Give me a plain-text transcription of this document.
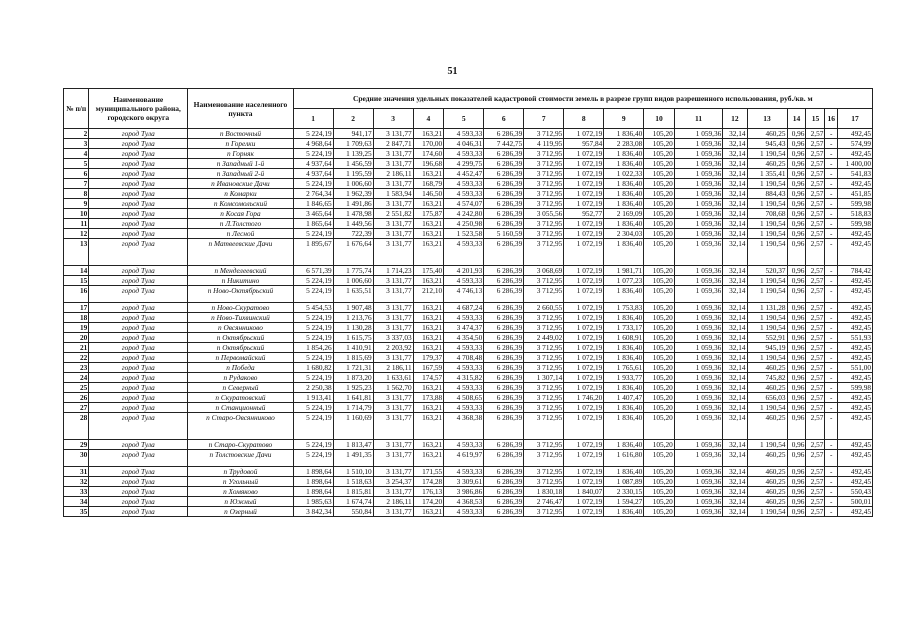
51
№ п/п	Наименование муниципального района, городского округа	Наименование населенного пункта	Средние значения удельных показателей кадастровой стоимости земель в разрезе групп видов разрешенного использования, руб./кв. м																
			1	2	3	4	5	6	7	8	9	10	11	12	13	14	15	16	17
2	город Тула	п Восточный	5 224,19	941,17	3 131,77	163,21	4 593,33	6 286,39	3 712,95	1 072,19	1 836,40	105,20	1 059,36	32,14	460,25	0,96	2,57	-	492,45
3	город Тула	п Горелки	4 968,64	1 709,63	2 847,71	170,00	4 046,31	7 442,75	4 119,95	957,84	2 283,08	105,20	1 059,36	32,14	945,43	0,96	2,57	-	574,99
4	город Тула	п Горняк	5 224,19	1 139,25	3 131,77	174,60	4 593,33	6 286,39	3 712,95	1 072,19	1 836,40	105,20	1 059,36	32,14	1 190,54	0,96	2,57	-	492,45
5	город Тула	п Западный 1-й	4 937,64	1 456,59	3 131,77	196,68	4 299,75	6 286,39	3 712,95	1 072,19	1 836,40	105,20	1 059,36	32,14	460,25	0,96	2,57	-	1 400,00
6	город Тула	п Западный 2-й	4 937,64	1 195,59	2 186,11	163,21	4 452,47	6 286,39	3 712,95	1 072,19	1 022,33	105,20	1 059,36	32,14	1 355,41	0,96	2,57	-	541,83
7	город Тула	п Ивановские Дачи	5 224,19	1 006,60	3 131,77	168,79	4 593,33	6 286,39	3 712,95	1 072,19	1 836,40	105,20	1 059,36	32,14	1 190,54	0,96	2,57	-	492,45
8	город Тула	п Комарки	2 764,34	1 962,39	1 583,94	146,50	4 593,33	6 286,39	3 712,95	1 072,19	1 836,40	105,20	1 059,36	32,14	884,43	0,96	2,57	-	451,85
9	город Тула	п Комсомольский	1 846,65	1 491,86	3 131,77	163,21	4 574,07	6 286,39	3 712,95	1 072,19	1 836,40	105,20	1 059,36	32,14	1 190,54	0,96	2,57	-	599,98
10	город Тула	п Косая Гора	3 465,64	1 478,98	2 551,82	175,87	4 242,80	6 286,39	3 055,56	952,77	2 169,09	105,20	1 059,36	32,14	708,68	0,96	2,57	-	518,83
11	город Тула	п Л.Толстого	1 865,64	1 449,56	3 131,77	163,21	4 250,98	6 286,39	3 712,95	1 072,19	1 836,40	105,20	1 059,36	32,14	1 190,54	0,96	2,57	-	599,98
12	город Тула	п Лесной	5 224,19	722,39	3 131,77	163,21	1 523,58	5 160,59	3 712,95	1 072,19	2 304,03	105,20	1 059,36	32,14	1 190,54	0,96	2,57	-	492,45
13	город Тула	п Матвеевские Дачи	1 895,67	1 676,64	3 131,77	163,21	4 593,33	6 286,39	3 712,95	1 072,19	1 836,40	105,20	1 059,36	32,14	1 190,54	0,96	2,57	-	492,45
14	город Тула	п Менделеевский	6 571,39	1 775,74	1 714,23	175,40	4 201,93	6 286,39	3 068,69	1 072,19	1 981,71	105,20	1 059,36	32,14	520,37	0,96	2,57	-	784,42
15	город Тула	п Никитино	5 224,19	1 006,60	3 131,77	163,21	4 593,33	6 286,39	3 712,95	1 072,19	1 077,23	105,20	1 059,36	32,14	1 190,54	0,96	2,57	-	492,45
16	город Тула	п Ново-Октябрьский	5 224,19	1 635,51	3 131,77	212,10	4 746,13	6 286,39	3 712,95	1 072,19	1 836,40	105,20	1 059,36	32,14	1 190,54	0,96	2,57	-	492,45
17	город Тула	п Ново-Скуратово	5 454,53	1 907,48	3 131,77	163,21	4 687,24	6 286,39	2 660,55	1 072,19	1 753,83	105,20	1 059,36	32,14	1 131,28	0,96	2,57	-	492,45
18	город Тула	п Ново-Тихвинский	5 224,19	1 213,76	3 131,77	163,21	4 593,33	6 286,39	3 712,95	1 072,19	1 836,40	105,20	1 059,36	32,14	1 190,54	0,96	2,57	-	492,45
19	город Тула	п Овсянниково	5 224,19	1 130,28	3 131,77	163,21	3 474,37	6 286,39	3 712,95	1 072,19	1 733,17	105,20	1 059,36	32,14	1 190,54	0,96	2,57	-	492,45
20	город Тула	п Октябрьский	5 224,19	1 615,75	3 337,03	163,21	4 354,50	6 286,39	2 449,02	1 072,19	1 608,91	105,20	1 059,36	32,14	552,91	0,96	2,57	-	551,93
21	город Тула	п Октябрьский	1 854,26	1 410,91	2 203,92	163,21	4 593,33	6 286,39	3 712,95	1 072,19	1 836,40	105,20	1 059,36	32,14	945,19	0,96	2,57	-	492,45
22	город Тула	п Первомайский	5 224,19	1 815,69	3 131,77	179,37	4 708,48	6 286,39	3 712,95	1 072,19	1 836,40	105,20	1 059,36	32,14	1 190,54	0,96	2,57	-	492,45
23	город Тула	п Победа	1 680,82	1 721,31	2 186,11	167,59	4 593,33	6 286,39	3 712,95	1 072,19	1 765,61	105,20	1 059,36	32,14	460,25	0,96	2,57	-	551,00
24	город Тула	п Рудаково	5 224,19	1 873,20	1 633,61	174,57	4 315,82	6 286,39	1 307,14	1 072,19	1 933,77	105,20	1 059,36	32,14	745,82	0,96	2,57	-	492,45
25	город Тула	п Северный	2 250,38	1 925,23	1 562,70	163,21	4 593,33	6 286,39	3 712,95	1 072,19	1 836,40	105,20	1 059,36	32,14	460,25	0,96	2,57	-	599,98
26	город Тула	п Скуратовский	1 913,41	1 641,81	3 131,77	173,88	4 508,65	6 286,39	3 712,95	1 746,20	1 407,47	105,20	1 059,36	32,14	656,03	0,96	2,57	-	492,45
27	город Тула	п Станционный	5 224,19	1 714,79	3 131,77	163,21	4 593,33	6 286,39	3 712,95	1 072,19	1 836,40	105,20	1 059,36	32,14	1 190,54	0,96	2,57	-	492,45
28	город Тула	п Старо-Овсянниково	5 224,19	1 160,69	3 131,77	163,21	4 368,38	6 286,39	3 712,95	1 072,19	1 836,40	105,20	1 059,36	32,14	460,25	0,96	2,57	-	492,45
29	город Тула	п Старо-Скуратово	5 224,19	1 813,47	3 131,77	163,21	4 593,33	6 286,39	3 712,95	1 072,19	1 836,40	105,20	1 059,36	32,14	1 190,54	0,96	2,57	-	492,45
30	город Тула	п Толстовские Дачи	5 224,19	1 491,35	3 131,77	163,21	4 619,97	6 286,39	3 712,95	1 072,19	1 616,80	105,20	1 059,36	32,14	460,25	0,96	2,57	-	492,45
31	город Тула	п Трудовой	1 898,64	1 510,10	3 131,77	171,55	4 593,33	6 286,39	3 712,95	1 072,19	1 836,40	105,20	1 059,36	32,14	460,25	0,96	2,57	-	492,45
32	город Тула	п Угольный	1 898,64	1 518,63	3 254,37	174,28	3 309,61	6 286,39	3 712,95	1 072,19	1 087,89	105,20	1 059,36	32,14	460,25	0,96	2,57	-	492,45
33	город Тула	п Хомяково	1 898,64	1 815,81	3 131,77	176,13	3 986,86	6 286,39	1 830,18	1 840,07	2 330,15	105,20	1 059,36	32,14	460,25	0,96	2,57	-	550,43
34	город Тула	п Южный	1 985,63	1 674,74	2 186,11	174,20	4 368,53	6 286,39	2 746,47	1 072,19	1 594,27	105,20	1 059,36	32,14	460,25	0,96	2,57	-	500,01
35	город Тула	п Озерный	3 842,34	550,84	3 131,77	163,21	4 593,33	6 286,39	3 712,95	1 072,19	1 836,40	105,20	1 059,36	32,14	1 190,54	0,96	2,57	-	492,45
